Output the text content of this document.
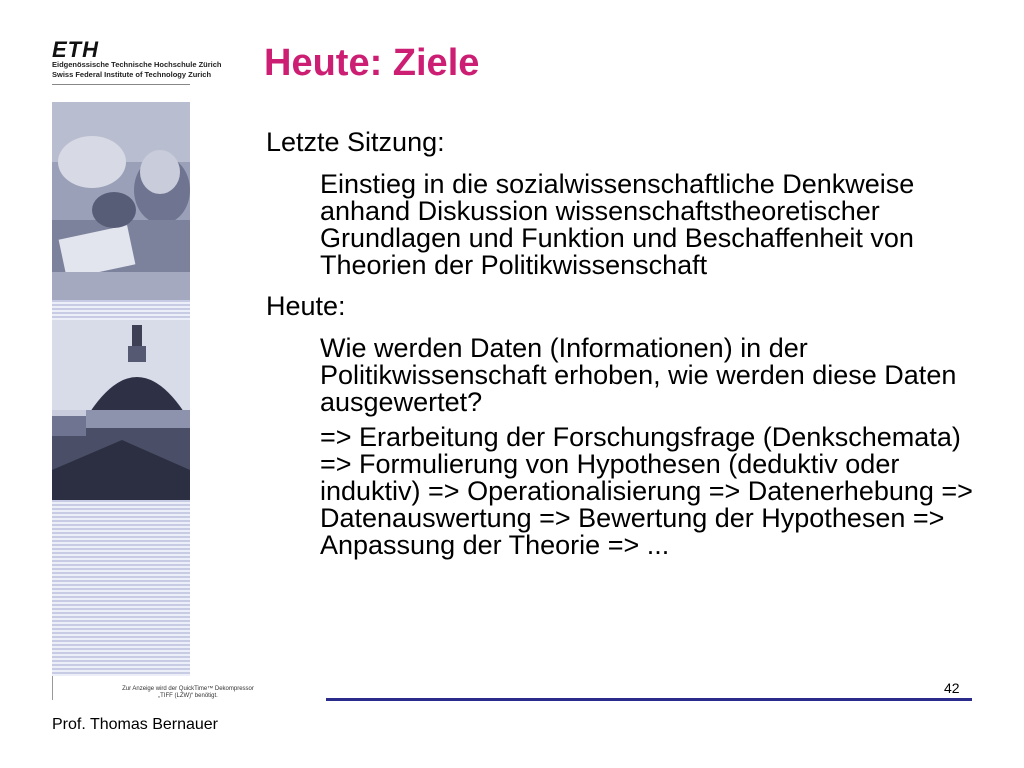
ETH
Eidgenössische Technische Hochschule Zürich
Swiss Federal Institute of Technology Zurich
Zur Anzeige wird der QuickTime™ Dekompressor „TIFF (LZW)“ benötigt.
Prof. Thomas Bernauer
Heute: Ziele

Letzte Sitzung:

Einstieg in die sozialwissenschaftliche Denkweise anhand Diskussion wissenschaftstheoretischer Grundlagen und Funktion und Beschaffenheit von Theorien der Politikwissenschaft

Heute:

Wie werden Daten (Informationen) in der Politikwissenschaft erhoben, wie werden diese Daten ausgewertet?

=> Erarbeitung der Forschungsfrage (Denkschemata) => Formulierung von Hypothesen (deduktiv oder induktiv) => Operationalisierung => Datenerhebung => Datenauswertung => Bewertung der Hypothesen => Anpassung der Theorie => ...

42
